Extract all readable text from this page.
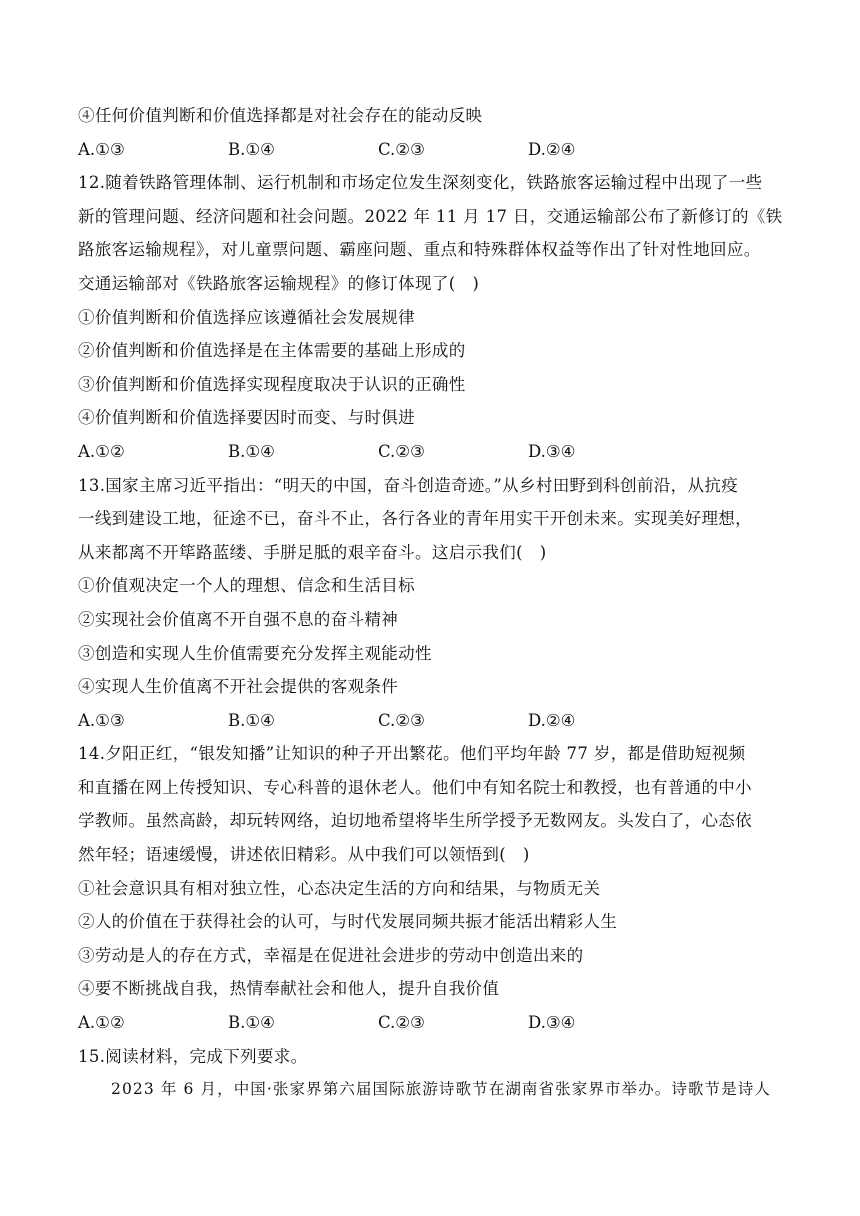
④任何价值判断和价值选择都是对社会存在的能动反映
A.①③	B.①④	C.②③	D.②④
12.随着铁路管理体制、运行机制和市场定位发生深刻变化，铁路旅客运输过程中出现了一些
新的管理问题、经济问题和社会问题。2022 年 11 月 17 日，交通运输部公布了新修订的《铁
路旅客运输规程》，对儿童票问题、霸座问题、重点和特殊群体权益等作出了针对性地回应。
交通运输部对《铁路旅客运输规程》的修订体现了(　)
①价值判断和价值选择应该遵循社会发展规律
②价值判断和价值选择是在主体需要的基础上形成的
③价值判断和价值选择实现程度取决于认识的正确性
④价值判断和价值选择要因时而变、与时俱进
A.①②	B.①④	C.②③	D.③④
13.国家主席习近平指出：“明天的中国，奋斗创造奇迹。”从乡村田野到科创前沿，从抗疫
一线到建设工地，征途不已，奋斗不止，各行各业的青年用实干开创未来。实现美好理想，
从来都离不开筚路蓝缕、手胼足胝的艰辛奋斗。这启示我们(　)
①价值观决定一个人的理想、信念和生活目标
②实现社会价值离不开自强不息的奋斗精神
③创造和实现人生价值需要充分发挥主观能动性
④实现人生价值离不开社会提供的客观条件
A.①③	B.①④	C.②③	D.②④
14.夕阳正红，“银发知播”让知识的种子开出繁花。他们平均年龄 77 岁，都是借助短视频
和直播在网上传授知识、专心科普的退休老人。他们中有知名院士和教授，也有普通的中小
学教师。虽然高龄，却玩转网络，迫切地希望将毕生所学授予无数网友。头发白了，心态依
然年轻；语速缓慢，讲述依旧精彩。从中我们可以领悟到(　)
①社会意识具有相对独立性，心态决定生活的方向和结果，与物质无关
②人的价值在于获得社会的认可，与时代发展同频共振才能活出精彩人生
③劳动是人的存在方式，幸福是在促进社会进步的劳动中创造出来的
④要不断挑战自我，热情奉献社会和他人，提升自我价值
A.①②	B.①④	C.②③	D.③④
15.阅读材料，完成下列要求。
2023 年 6 月，中国·张家界第六届国际旅游诗歌节在湖南省张家界市举办。诗歌节是诗人
